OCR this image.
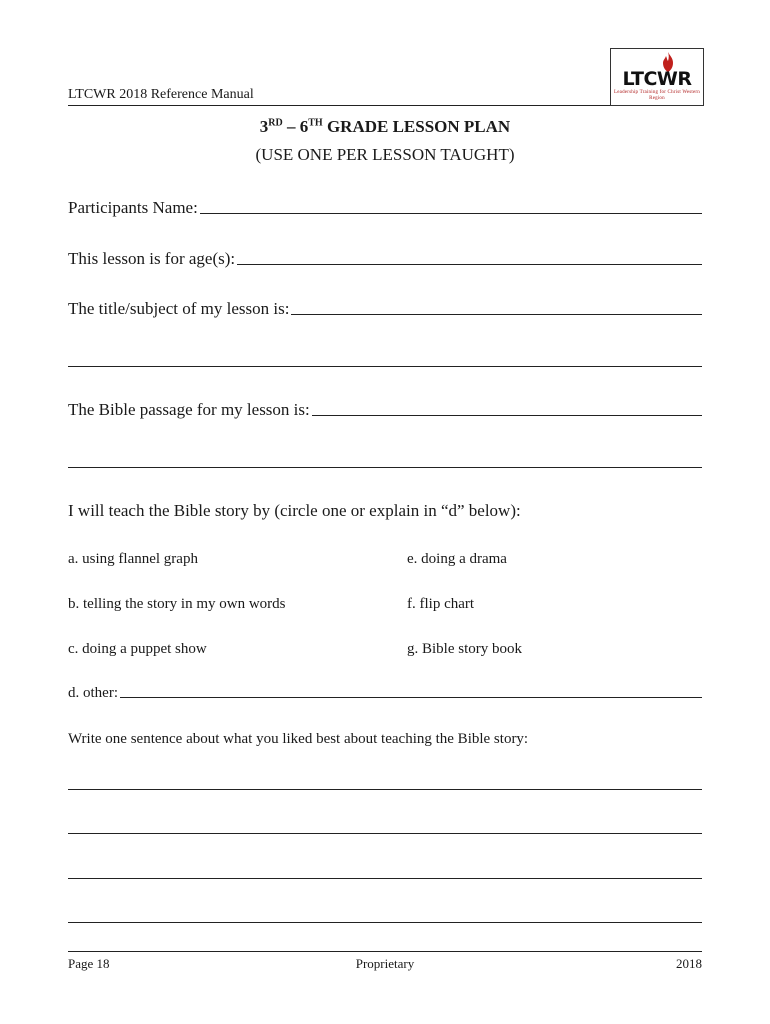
LTCWR 2018 Reference Manual
LTCWR
Leadership Training for Christ Western Region
3RD – 6TH GRADE LESSON PLAN
(USE ONE PER LESSON TAUGHT)
Participants Name:
This lesson is for age(s):
The title/subject of my lesson is:
The Bible passage for my lesson is:
I will teach the Bible story by (circle one or explain in “d” below):
a. using flannel graph	e. doing a drama
b. telling the story in my own words	f. flip chart
c. doing a puppet show	g. Bible story book
d. other:
Write one sentence about what you liked best about teaching the Bible story:
Page 18	Proprietary	2018
